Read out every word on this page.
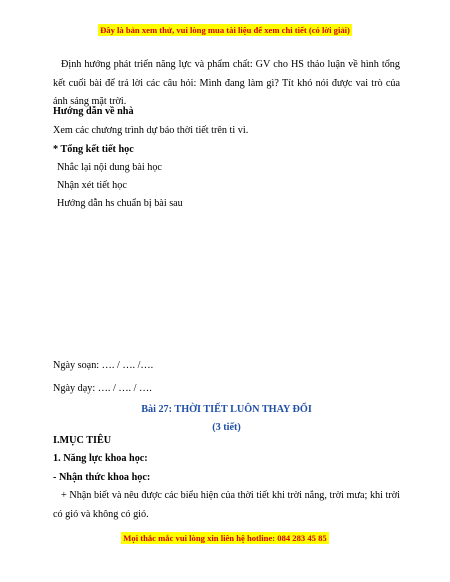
Đây là bản xem thử, vui lòng mua tài liệu để xem chi tiết (có lời giải)
Định hướng phát triển năng lực và phẩm chất: GV cho HS thảo luận về hình tổng kết cuối bài để trả lời các câu hỏi: Mình đang làm gì? Tít khó nói được vai trò của ánh sáng mặt trời.
Hướng dẫn về nhà
Xem các chương trình dự báo thời tiết trên ti vi.
* Tổng kết tiết học
Nhắc lại nội dung bài học
Nhận xét tiết học
Hướng dẫn hs chuẩn bị bài sau
Ngày soạn: …. / …. /….
Ngày dạy: …. / …. / ….
Bài 27: THỜI TIẾT LUÔN THAY ĐỔI
(3 tiết)
I.MỤC TIÊU
1. Năng lực khoa học:
- Nhận thức khoa học:
+ Nhận biết và nêu được các biểu hiện của thời tiết khi trời nắng, trời mưa; khi trời có gió và không có gió.
Mọi thắc mắc vui lòng xin liên hệ hotline: 084 283 45 85
